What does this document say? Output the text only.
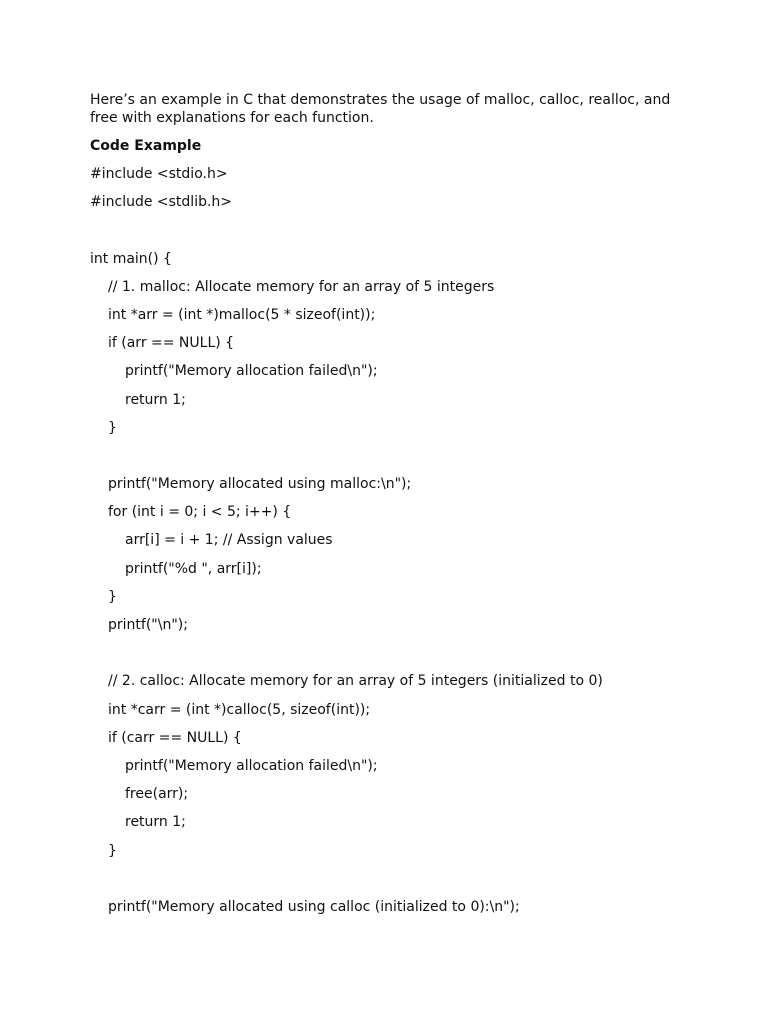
Here’s an example in C that demonstrates the usage of malloc, calloc, realloc, and free with explanations for each function.

Code Example
#include <stdio.h>
#include <stdlib.h>
int main() {
// 1. malloc: Allocate memory for an array of 5 integers
int *arr = (int *)malloc(5 * sizeof(int));
if (arr == NULL) {
printf("Memory allocation failed\n");
return 1;
}
printf("Memory allocated using malloc:\n");
for (int i = 0; i < 5; i++) {
arr[i] = i + 1; // Assign values
printf("%d ", arr[i]);
}
printf("\n");
// 2. calloc: Allocate memory for an array of 5 integers (initialized to 0)
int *carr = (int *)calloc(5, sizeof(int));
if (carr == NULL) {
printf("Memory allocation failed\n");
free(arr);
return 1;
}
printf("Memory allocated using calloc (initialized to 0):\n");
